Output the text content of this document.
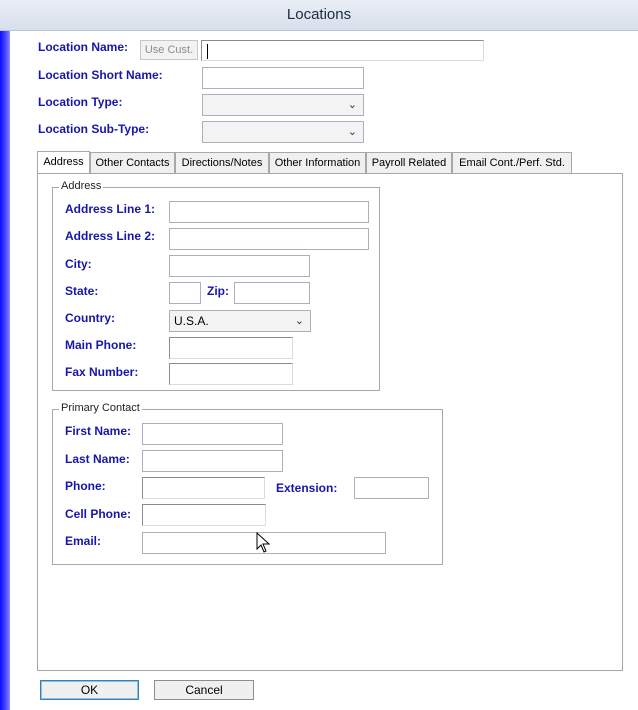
Locations
Location Name:	Use Cust.
Location Short Name:
Location Type:	⌄
Location Sub-Type:	⌄
Address	Other Contacts	Directions/Notes	Other Information	Payroll Related	Email Cont./Perf. Std.
Address
Address Line 1:
Address Line 2:
City:
State:	Zip:
Country:	U.S.A.	⌄
Main Phone:
Fax Number:
Primary Contact
First Name:
Last Name:
Phone:	Extension:
Cell Phone:
Email:
OK	Cancel
